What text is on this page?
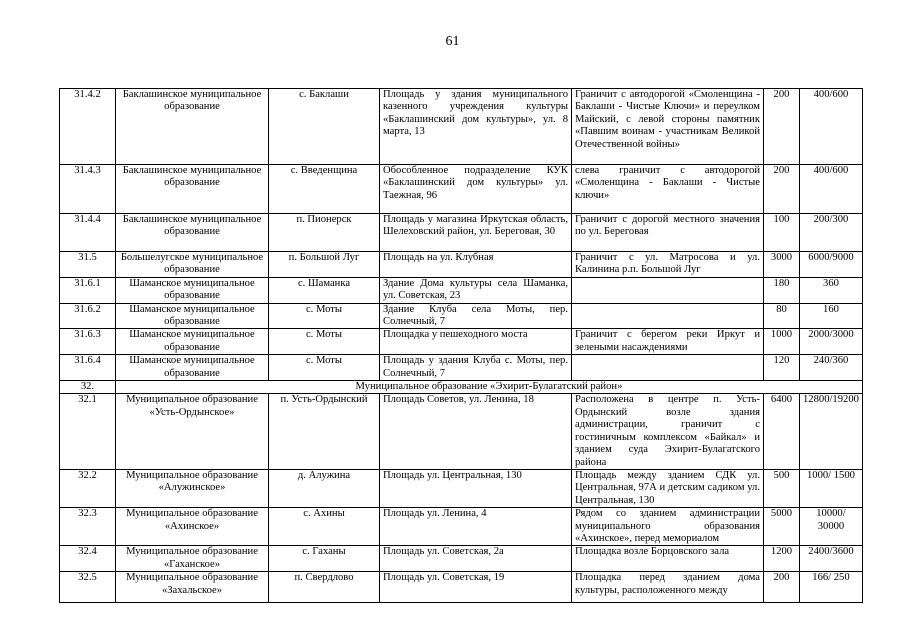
61
31.4.2	Баклашинское муниципальное образование	с. Баклаши	Площадь у здания муниципального казенного учреждения культуры «Баклашинский дом культуры», ул. 8 марта, 13	Граничит с автодорогой «Смоленщина - Баклаши - Чистые Ключи» и переулком Майский, с левой стороны памятник «Павшим воинам - участникам Великой Отечественной войны»	200	400/600
31.4.3	Баклашинское муниципальное образование	с. Введенщина	Обособленное подразделение КУК «Баклашинский дом культуры» ул. Таежная, 96	слева граничит с автодорогой «Смоленщина - Баклаши - Чистые ключи»	200	400/600
31.4.4	Баклашинское муниципальное образование	п. Пионерск	Площадь у магазина Иркутская область, Шелеховский район, ул. Береговая, 30	Граничит с дорогой местного значения по ул. Береговая	100	200/300
31.5	Большелугское муниципальное образование	п. Большой Луг	Площадь на ул. Клубная	Граничит с ул. Матросова и ул. Калинина р.п. Большой Луг	3000	6000/9000
31.6.1	Шаманское муниципальное образование	с. Шаманка	Здание Дома культуры села Шаманка, ул. Советская, 23		180	360
31.6.2	Шаманское муниципальное образование	с. Моты	Здание Клуба села Моты, пер. Солнечный, 7		80	160
31.6.3	Шаманское муниципальное образование	с. Моты	Площадка у пешеходного моста	Граничит с берегом реки Иркут и зелеными насаждениями	1000	2000/3000
31.6.4	Шаманское муниципальное образование	с. Моты	Площадь у здания Клуба с. Моты, пер. Солнечный, 7		120	240/360
32.	Муниципальное образование «Эхирит-Булагатский район»					
32.1	Муниципальное образование «Усть-Ордынское»	п. Усть-Ордынский	Площадь Советов, ул. Ленина, 18	Расположена в центре п. Усть-Ордынский возле здания администрации, граничит с гостиничным комплексом «Байкал» и зданием суда Эхирит-Булагатского района	6400	12800/19200
32.2	Муниципальное образование «Алужинское»	д. Алужина	Площадь ул. Центральная, 130	Площадь между зданием СДК ул. Центральная, 97А и детским садиком ул. Центральная, 130	500	1000/ 1500
32.3	Муниципальное образование «Ахинское»	с. Ахины	Площадь ул. Ленина, 4	Рядом со зданием администрации муниципального образования «Ахинское», перед мемориалом	5000	10000/ 30000
32.4	Муниципальное образование «Гаханское»	с. Гаханы	Площадь ул. Советская, 2а	Площадка возле Борцовского зала	1200	2400/3600
32.5	Муниципальное образование «Захальское»	п. Свердлово	Площадь ул. Советская, 19	Площадка перед зданием дома культуры, расположенного между	200	166/ 250
